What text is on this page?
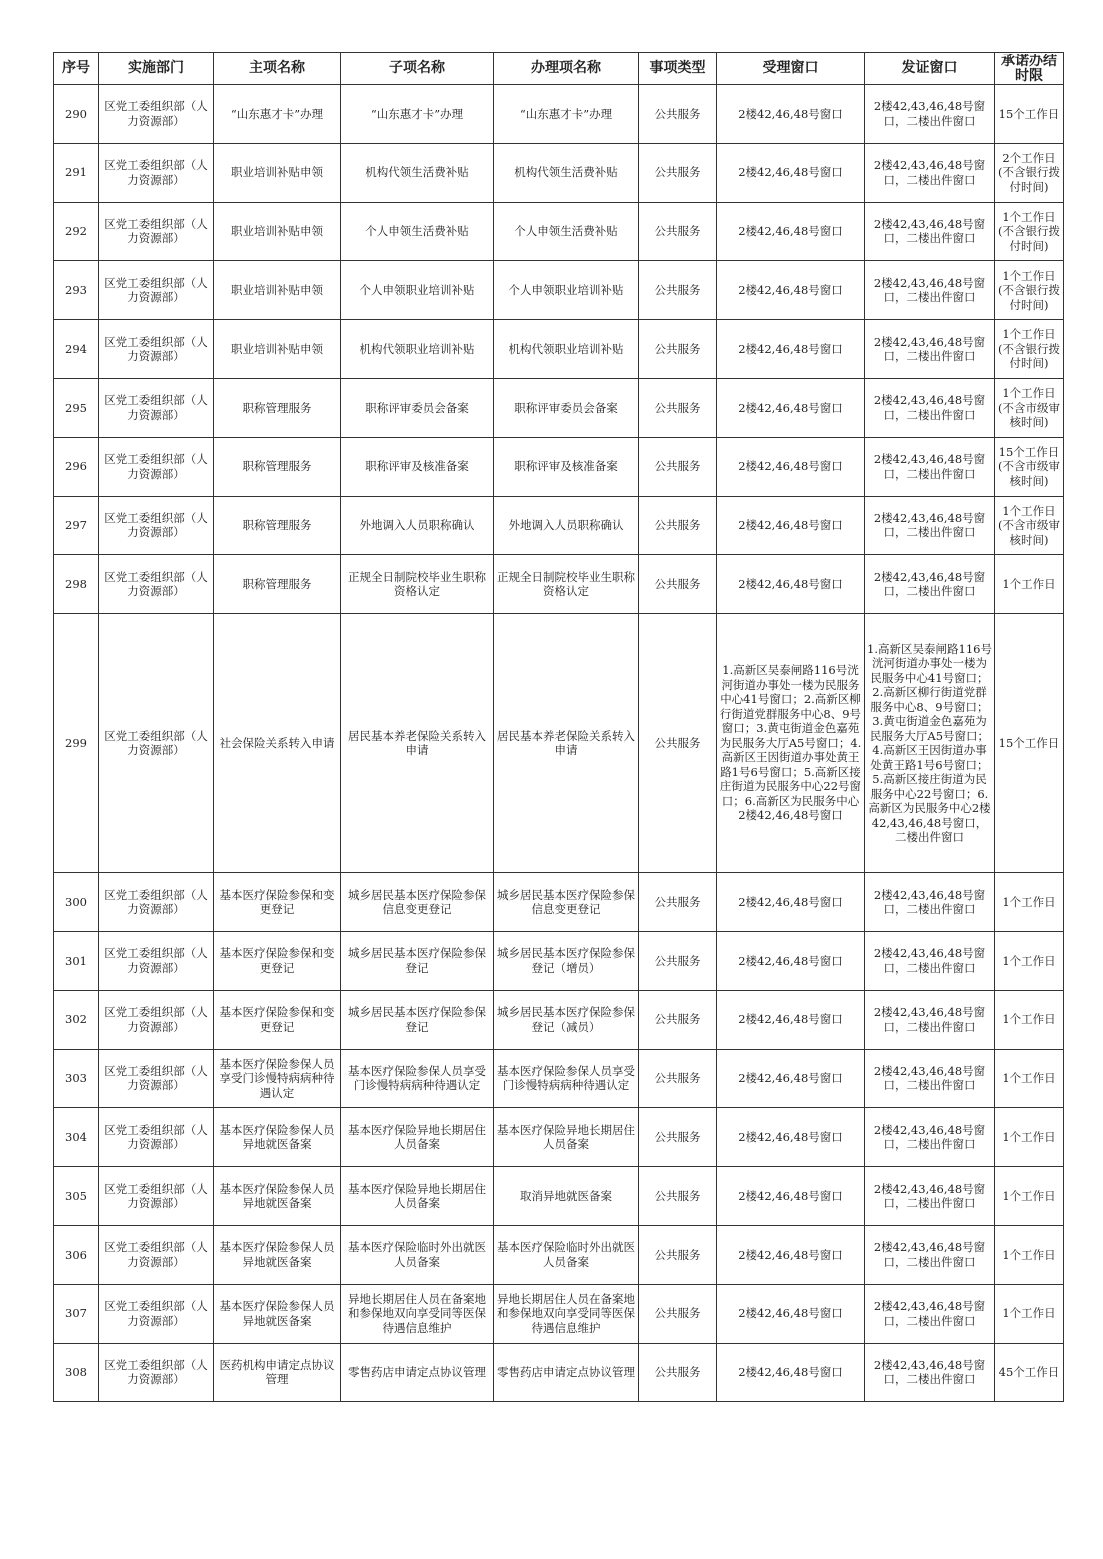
序号	实施部门	主项名称	子项名称	办理项名称	事项类型	受理窗口	发证窗口	承诺办结时限

290	区党工委组织部（人力资源部）	“山东惠才卡”办理	“山东惠才卡”办理	“山东惠才卡”办理	公共服务	2楼42,46,48号窗口	2楼42,43,46,48号窗口，二楼出件窗口	15个工作日
291	区党工委组织部（人力资源部）	职业培训补贴申领	机构代领生活费补贴	机构代领生活费补贴	公共服务	2楼42,46,48号窗口	2楼42,43,46,48号窗口，二楼出件窗口	2个工作日(不含银行拨付时间)
292	区党工委组织部（人力资源部）	职业培训补贴申领	个人申领生活费补贴	个人申领生活费补贴	公共服务	2楼42,46,48号窗口	2楼42,43,46,48号窗口，二楼出件窗口	1个工作日(不含银行拨付时间)
293	区党工委组织部（人力资源部）	职业培训补贴申领	个人申领职业培训补贴	个人申领职业培训补贴	公共服务	2楼42,46,48号窗口	2楼42,43,46,48号窗口，二楼出件窗口	1个工作日(不含银行拨付时间)
294	区党工委组织部（人力资源部）	职业培训补贴申领	机构代领职业培训补贴	机构代领职业培训补贴	公共服务	2楼42,46,48号窗口	2楼42,43,46,48号窗口，二楼出件窗口	1个工作日(不含银行拨付时间)
295	区党工委组织部（人力资源部）	职称管理服务	职称评审委员会备案	职称评审委员会备案	公共服务	2楼42,46,48号窗口	2楼42,43,46,48号窗口，二楼出件窗口	1个工作日(不含市级审核时间)
296	区党工委组织部（人力资源部）	职称管理服务	职称评审及核准备案	职称评审及核准备案	公共服务	2楼42,46,48号窗口	2楼42,43,46,48号窗口，二楼出件窗口	15个工作日(不含市级审核时间)
297	区党工委组织部（人力资源部）	职称管理服务	外地调入人员职称确认	外地调入人员职称确认	公共服务	2楼42,46,48号窗口	2楼42,43,46,48号窗口，二楼出件窗口	1个工作日(不含市级审核时间)
298	区党工委组织部（人力资源部）	职称管理服务	正规全日制院校毕业生职称资格认定	正规全日制院校毕业生职称资格认定	公共服务	2楼42,46,48号窗口	2楼42,43,46,48号窗口，二楼出件窗口	1个工作日
299	区党工委组织部（人力资源部）	社会保险关系转入申请	居民基本养老保险关系转入申请	居民基本养老保险关系转入申请	公共服务	1.高新区吴泰闸路116号洸河街道办事处一楼为民服务中心41号窗口；2.高新区柳行街道党群服务中心8、9号窗口；3.黄屯街道金色嘉苑为民服务大厅A5号窗口；4.高新区王因街道办事处黄王路1号6号窗口；5.高新区接庄街道为民服务中心22号窗口；6.高新区为民服务中心2楼42,46,48号窗口	1.高新区吴泰闸路116号洸河街道办事处一楼为民服务中心41号窗口；2.高新区柳行街道党群服务中心8、9号窗口；3.黄屯街道金色嘉苑为民服务大厅A5号窗口；4.高新区王因街道办事处黄王路1号6号窗口；5.高新区接庄街道为民服务中心22号窗口；6.高新区为民服务中心2楼42,43,46,48号窗口，二楼出件窗口	15个工作日
300	区党工委组织部（人力资源部）	基本医疗保险参保和变更登记	城乡居民基本医疗保险参保信息变更登记	城乡居民基本医疗保险参保信息变更登记	公共服务	2楼42,46,48号窗口	2楼42,43,46,48号窗口，二楼出件窗口	1个工作日
301	区党工委组织部（人力资源部）	基本医疗保险参保和变更登记	城乡居民基本医疗保险参保登记	城乡居民基本医疗保险参保登记（增员）	公共服务	2楼42,46,48号窗口	2楼42,43,46,48号窗口，二楼出件窗口	1个工作日
302	区党工委组织部（人力资源部）	基本医疗保险参保和变更登记	城乡居民基本医疗保险参保登记	城乡居民基本医疗保险参保登记（减员）	公共服务	2楼42,46,48号窗口	2楼42,43,46,48号窗口，二楼出件窗口	1个工作日
303	区党工委组织部（人力资源部）	基本医疗保险参保人员享受门诊慢特病病种待遇认定	基本医疗保险参保人员享受门诊慢特病病种待遇认定	基本医疗保险参保人员享受门诊慢特病病种待遇认定	公共服务	2楼42,46,48号窗口	2楼42,43,46,48号窗口，二楼出件窗口	1个工作日
304	区党工委组织部（人力资源部）	基本医疗保险参保人员异地就医备案	基本医疗保险异地长期居住人员备案	基本医疗保险异地长期居住人员备案	公共服务	2楼42,46,48号窗口	2楼42,43,46,48号窗口，二楼出件窗口	1个工作日
305	区党工委组织部（人力资源部）	基本医疗保险参保人员异地就医备案	基本医疗保险异地长期居住人员备案	取消异地就医备案	公共服务	2楼42,46,48号窗口	2楼42,43,46,48号窗口，二楼出件窗口	1个工作日
306	区党工委组织部（人力资源部）	基本医疗保险参保人员异地就医备案	基本医疗保险临时外出就医人员备案	基本医疗保险临时外出就医人员备案	公共服务	2楼42,46,48号窗口	2楼42,43,46,48号窗口，二楼出件窗口	1个工作日
307	区党工委组织部（人力资源部）	基本医疗保险参保人员异地就医备案	异地长期居住人员在备案地和参保地双向享受同等医保待遇信息维护	异地长期居住人员在备案地和参保地双向享受同等医保待遇信息维护	公共服务	2楼42,46,48号窗口	2楼42,43,46,48号窗口，二楼出件窗口	1个工作日
308	区党工委组织部（人力资源部）	医药机构申请定点协议管理	零售药店申请定点协议管理	零售药店申请定点协议管理	公共服务	2楼42,46,48号窗口	2楼42,43,46,48号窗口，二楼出件窗口	45个工作日
